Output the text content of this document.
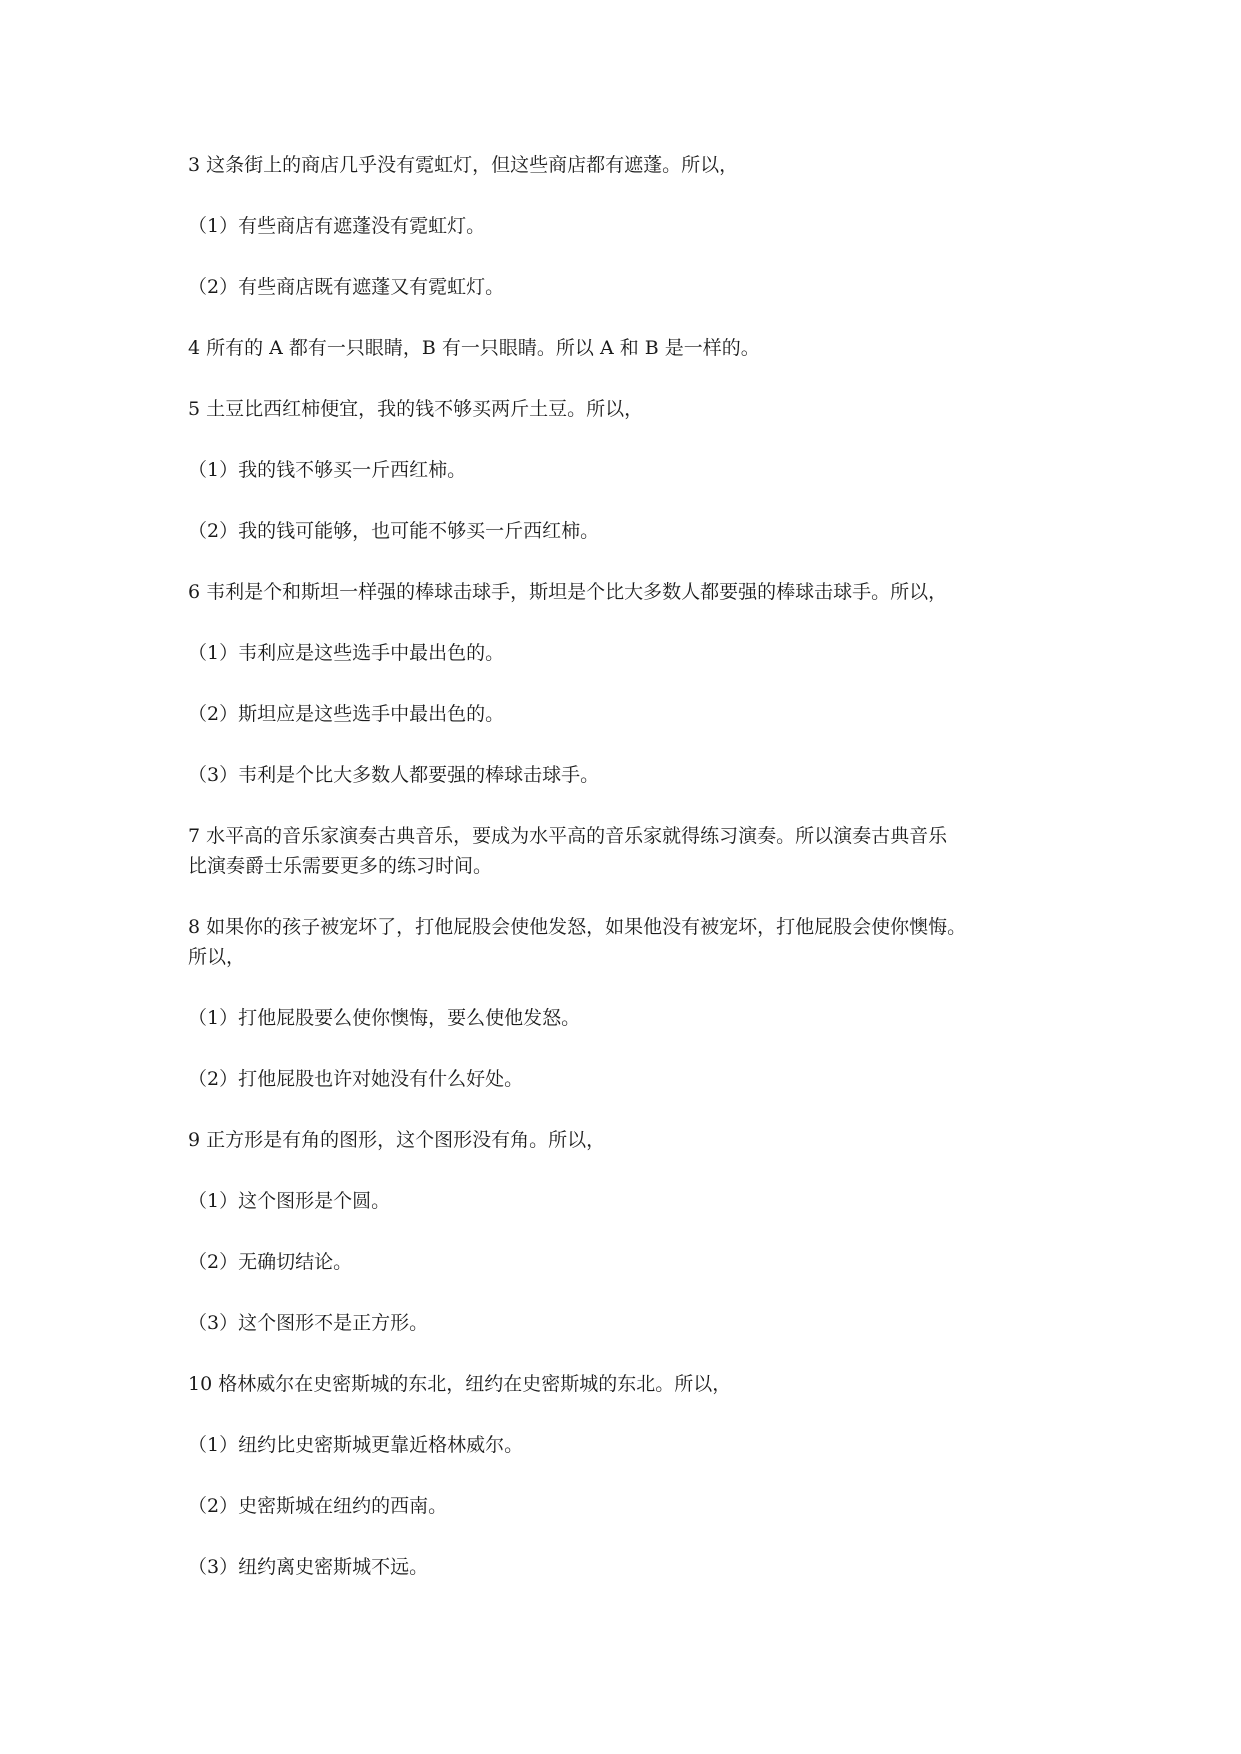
3 这条街上的商店几乎没有霓虹灯，但这些商店都有遮蓬。所以，

（1）有些商店有遮蓬没有霓虹灯。

（2）有些商店既有遮蓬又有霓虹灯。

4 所有的 A 都有一只眼睛，B 有一只眼睛。所以 A 和 B 是一样的。

5 土豆比西红柿便宜，我的钱不够买两斤土豆。所以，

（1）我的钱不够买一斤西红柿。

（2）我的钱可能够，也可能不够买一斤西红柿。

6 韦利是个和斯坦一样强的棒球击球手，斯坦是个比大多数人都要强的棒球击球手。所以，

（1）韦利应是这些选手中最出色的。

（2）斯坦应是这些选手中最出色的。

（3）韦利是个比大多数人都要强的棒球击球手。

7 水平高的音乐家演奏古典音乐，要成为水平高的音乐家就得练习演奏。所以演奏古典音乐

比演奏爵士乐需要更多的练习时间。

8 如果你的孩子被宠坏了，打他屁股会使他发怒，如果他没有被宠坏，打他屁股会使你懊悔。

所以，

（1）打他屁股要么使你懊悔，要么使他发怒。

（2）打他屁股也许对她没有什么好处。

9 正方形是有角的图形，这个图形没有角。所以，

（1）这个图形是个圆。

（2）无确切结论。

（3）这个图形不是正方形。

10 格林威尔在史密斯城的东北，纽约在史密斯城的东北。所以，

（1）纽约比史密斯城更靠近格林威尔。

（2）史密斯城在纽约的西南。

（3）纽约离史密斯城不远。
